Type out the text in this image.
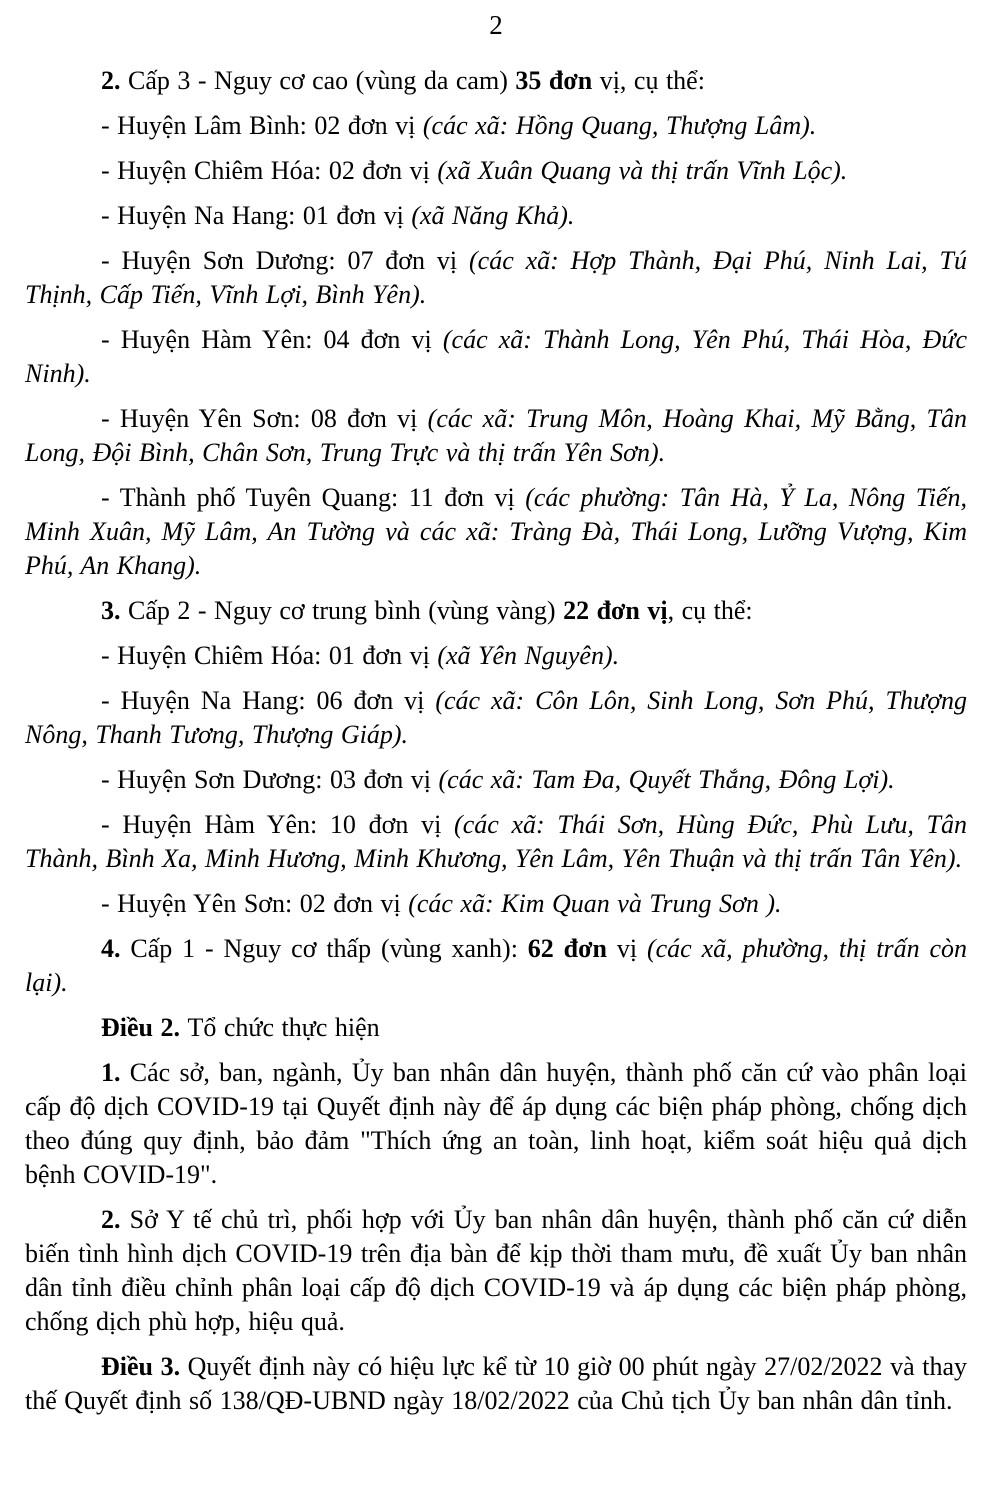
2

2. Cấp 3 - Nguy cơ cao (vùng da cam) 35 đơn vị, cụ thể:

- Huyện Lâm Bình: 02 đơn vị (các xã: Hồng Quang, Thượng Lâm).

- Huyện Chiêm Hóa: 02 đơn vị (xã Xuân Quang và thị trấn Vĩnh Lộc).

- Huyện Na Hang: 01 đơn vị (xã Năng Khả).

- Huyện Sơn Dương: 07 đơn vị (các xã: Hợp Thành, Đại Phú, Ninh Lai, Tú Thịnh, Cấp Tiến, Vĩnh Lợi, Bình Yên).

- Huyện Hàm Yên: 04 đơn vị (các xã: Thành Long, Yên Phú, Thái Hòa, Đức Ninh).

- Huyện Yên Sơn: 08 đơn vị (các xã: Trung Môn, Hoàng Khai, Mỹ Bằng, Tân Long, Đội Bình, Chân Sơn, Trung Trực và thị trấn Yên Sơn).

- Thành phố Tuyên Quang: 11 đơn vị (các phường: Tân Hà, Ỷ La, Nông Tiến, Minh Xuân, Mỹ Lâm, An Tường và các xã: Tràng Đà, Thái Long, Lưỡng Vượng, Kim Phú, An Khang).

3. Cấp 2 - Nguy cơ trung bình (vùng vàng) 22 đơn vị, cụ thể:

- Huyện Chiêm Hóa: 01 đơn vị (xã Yên Nguyên).

- Huyện Na Hang: 06 đơn vị (các xã: Côn Lôn, Sinh Long, Sơn Phú, Thượng Nông, Thanh Tương, Thượng Giáp).

- Huyện Sơn Dương: 03 đơn vị (các xã: Tam Đa, Quyết Thắng, Đông Lợi).

- Huyện Hàm Yên: 10 đơn vị (các xã: Thái Sơn, Hùng Đức, Phù Lưu, Tân Thành, Bình Xa, Minh Hương, Minh Khương, Yên Lâm, Yên Thuận và thị trấn Tân Yên).

- Huyện Yên Sơn: 02 đơn vị (các xã: Kim Quan và Trung Sơn ).

4. Cấp 1 - Nguy cơ thấp (vùng xanh): 62 đơn vị (các xã, phường, thị trấn còn lại).

Điều 2. Tổ chức thực hiện

1. Các sở, ban, ngành, Ủy ban nhân dân huyện, thành phố căn cứ vào phân loại cấp độ dịch COVID-19 tại Quyết định này để áp dụng các biện pháp phòng, chống dịch theo đúng quy định, bảo đảm "Thích ứng an toàn, linh hoạt, kiểm soát hiệu quả dịch bệnh COVID-19".

2. Sở Y tế chủ trì, phối hợp với Ủy ban nhân dân huyện, thành phố căn cứ diễn biến tình hình dịch COVID-19 trên địa bàn để kịp thời tham mưu, đề xuất Ủy ban nhân dân tỉnh điều chỉnh phân loại cấp độ dịch COVID-19 và áp dụng các biện pháp phòng, chống dịch phù hợp, hiệu quả.

Điều 3. Quyết định này có hiệu lực kể từ 10 giờ 00 phút ngày 27/02/2022 và thay thế Quyết định số 138/QĐ-UBND ngày 18/02/2022 của Chủ tịch Ủy ban nhân dân tỉnh.
